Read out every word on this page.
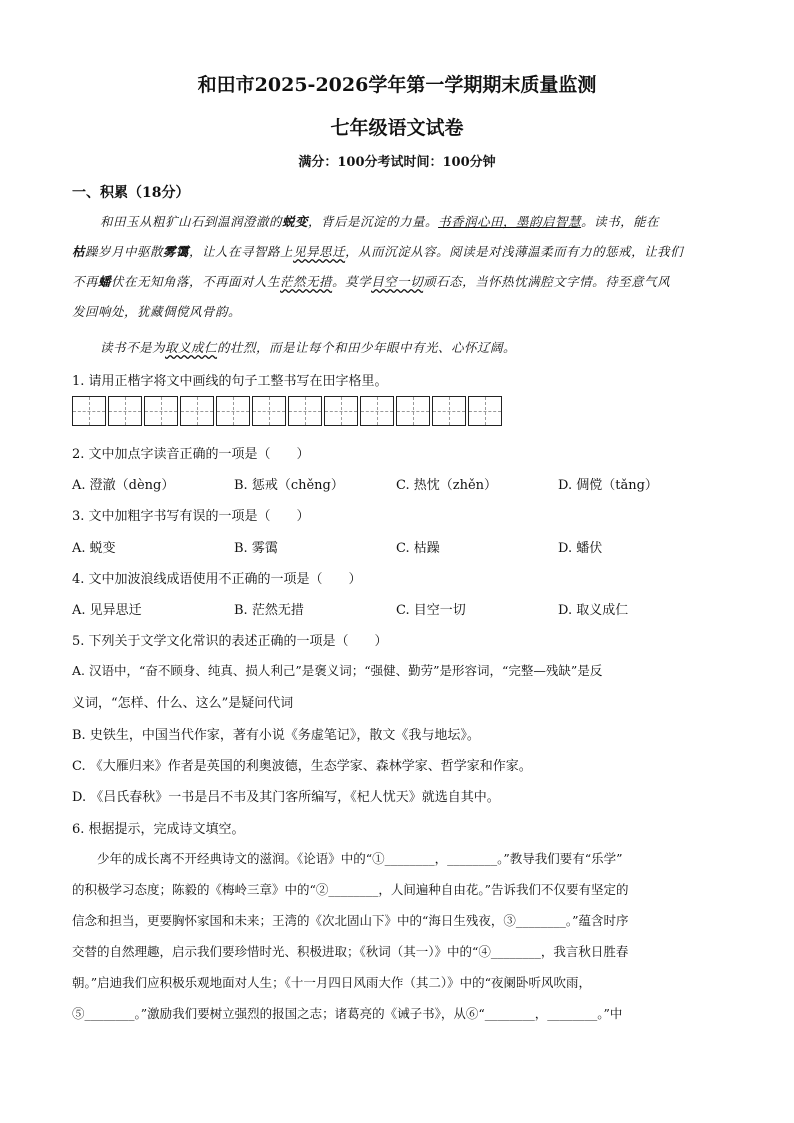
和田市2025-2026学年第一学期期末质量监测
七年级语文试卷
满分：100分考试时间：100分钟
一、积累（18分）
和田玉从粗犷山石到温润澄澈的蜕变，背后是沉淀的力量。书香润心田，墨韵启智慧。读书，能在
枯躁岁月中驱散雾霭，让人在寻智路上见异思迁，从而沉淀从容。阅读是对浅薄温柔而有力的惩戒，让我们
不再蟠伏在无知角落，不再面对人生茫然无措。莫学目空一切顽石态，当怀热忱满腔文字情。待至意气风
发回响处，犹藏倜傥风骨韵。
读书不是为取义成仁的壮烈，而是让每个和田少年眼中有光、心怀辽阔。
1. 请用正楷字将文中画线的句子工整书写在田字格里。
2. 文中加点字读音正确的一项是（　　）
A. 澄澈（dèng）	B. 惩戒（chěng）	C. 热忱（zhěn）	D. 倜傥（tǎng）
3. 文中加粗字书写有误的一项是（　　）
A. 蜕变	B. 雾霭	C. 枯躁	D. 蟠伏
4. 文中加波浪线成语使用不正确的一项是（　　）
A. 见异思迁	B. 茫然无措	C. 目空一切	D. 取义成仁
5. 下列关于文学文化常识的表述正确的一项是（　　）
A. 汉语中，“奋不顾身、纯真、损人利己”是褒义词；“强健、勤劳”是形容词，“完整—残缺”是反
义词，“怎样、什么、这么”是疑问代词
B. 史铁生，中国当代作家，著有小说《务虚笔记》，散文《我与地坛》。
C. 《大雁归来》作者是英国的利奥波德，生态学家、森林学家、哲学家和作家。
D. 《吕氏春秋》一书是吕不韦及其门客所编写，《杞人忧天》就选自其中。
6. 根据提示，完成诗文填空。
　　少年的成长离不开经典诗文的滋润。《论语》中的“①________，________。”教导我们要有“乐学”
的积极学习态度；陈毅的《梅岭三章》中的“②________，人间遍种自由花。”告诉我们不仅要有坚定的
信念和担当，更要胸怀家国和未来；王湾的《次北固山下》中的“海日生残夜，③________。”蕴含时序
交替的自然理趣，启示我们要珍惜时光、积极进取；《秋词（其一）》中的“④________，我言秋日胜春
朝。”启迪我们应积极乐观地面对人生；《十一月四日风雨大作（其二）》中的“夜阑卧听风吹雨，
⑤________。”激励我们要树立强烈的报国之志；诸葛亮的《诫子书》，从⑥“________，________。”中
